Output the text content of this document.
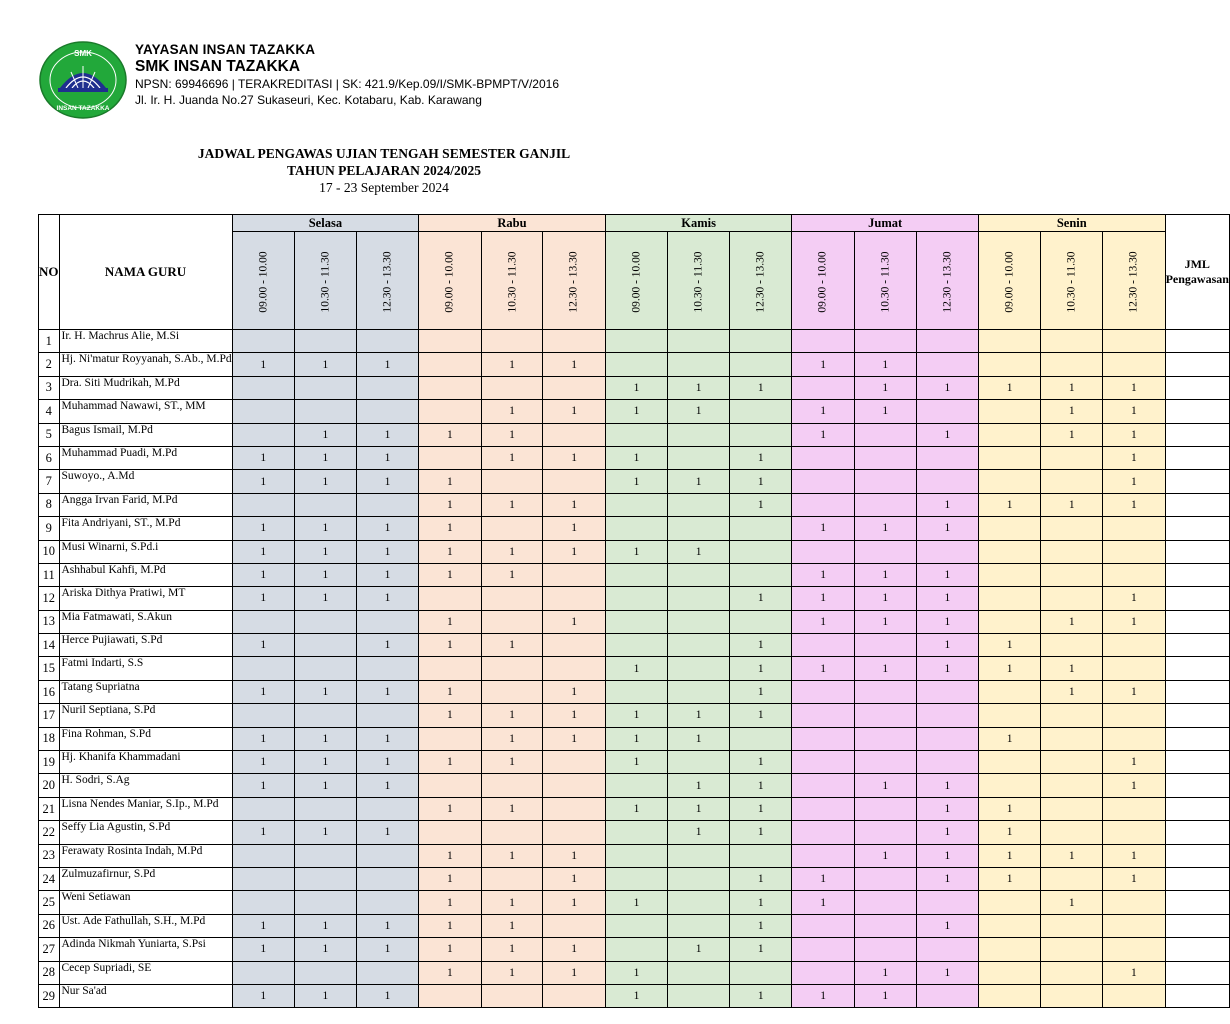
SMK
INSAN TAZAKKA
YAYASAN INSAN TAZAKKA
SMK INSAN TAZAKKA
NPSN: 69946696 | TERAKREDITASI | SK: 421.9/Kep.09/I/SMK-BPMPT/V/2016
Jl. Ir. H. Juanda No.27 Sukaseuri, Kec. Kotabaru, Kab. Karawang
JADWAL PENGAWAS UJIAN TENGAH SEMESTER GANJIL
TAHUN PELAJARAN 2024/2025
17 - 23 September 2024
NO	NAMA GURU	Selasa			Rabu			Kamis			Jumat			Senin			JML
Pengawasan

		09.00 - 10.00	10.30 - 11.30	12.30 - 13.30	09.00 - 10.00	10.30 - 11.30	12.30 - 13.30	09.00 - 10.00	10.30 - 11.30	12.30 - 13.30	09.00 - 10.00	10.30 - 11.30	12.30 - 13.30	09.00 - 10.00	10.30 - 11.30	12.30 - 13.30	
1	Ir. H. Machrus Alie, M.Si																
2	Hj. Ni'matur Royyanah, S.Ab., M.Pd	1	1	1		1	1				1	1					
3	Dra. Siti Mudrikah, M.Pd							1	1	1		1	1	1	1	1	
4	Muhammad Nawawi, ST., MM					1	1	1	1		1	1			1	1	
5	Bagus Ismail, M.Pd		1	1	1	1					1		1		1	1	
6	Muhammad Puadi, M.Pd	1	1	1		1	1	1		1						1	
7	Suwoyo., A.Md	1	1	1	1			1	1	1						1	
8	Angga Irvan Farid, M.Pd				1	1	1			1			1	1	1	1	
9	Fita Andriyani, ST., M.Pd	1	1	1	1		1				1	1	1				
10	Musi Winarni, S.Pd.i	1	1	1	1	1	1	1	1								
11	Ashhabul Kahfi, M.Pd	1	1	1	1	1					1	1	1				
12	Ariska Dithya Pratiwi, MT	1	1	1						1	1	1	1			1	
13	Mia Fatmawati, S.Akun				1		1				1	1	1		1	1	
14	Herce Pujiawati, S.Pd	1		1	1	1				1			1	1			
15	Fatmi Indarti, S.S							1		1	1	1	1	1	1		
16	Tatang Supriatna	1	1	1	1		1			1					1	1	
17	Nuril Septiana, S.Pd				1	1	1	1	1	1							
18	Fina Rohman, S.Pd	1	1	1		1	1	1	1					1			
19	Hj. Khanifa Khammadani	1	1	1	1	1		1		1						1	
20	H. Sodri, S.Ag	1	1	1					1	1		1	1			1	
21	Lisna Nendes Maniar, S.Ip., M.Pd				1	1		1	1	1			1	1			
22	Seffy Lia Agustin, S.Pd	1	1	1					1	1			1	1			
23	Ferawaty Rosinta Indah, M.Pd				1	1	1					1	1	1	1	1	
24	Zulmuzafirnur, S.Pd				1		1			1	1		1	1		1	
25	Weni Setiawan				1	1	1	1		1	1				1		
26	Ust. Ade Fathullah, S.H., M.Pd	1	1	1	1	1				1			1				
27	Adinda Nikmah Yuniarta, S.Psi	1	1	1	1	1	1		1	1							
28	Cecep Supriadi, SE				1	1	1	1				1	1			1	
29	Nur Sa'ad	1	1	1				1		1	1	1					
